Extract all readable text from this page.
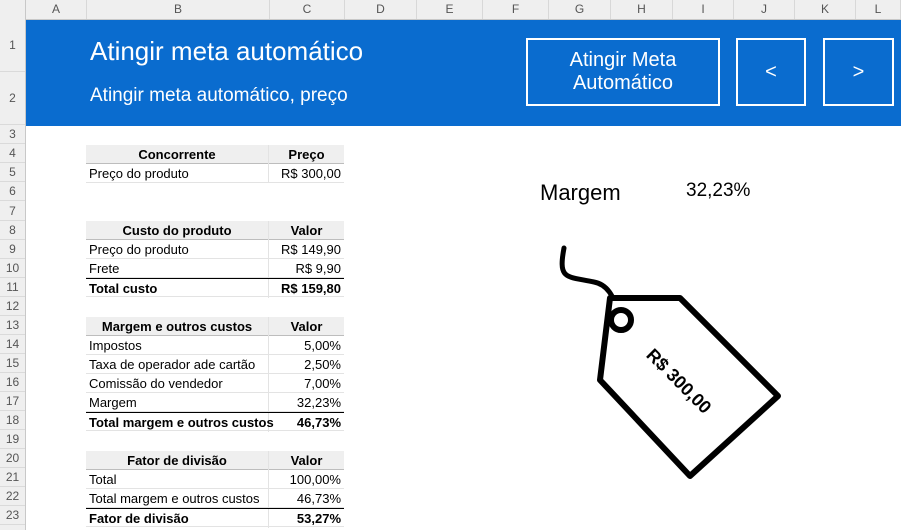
A	B	C	D	E	F	G	H	I	J	K	L
1
2
3
4
5
6
7
8
9
10
11
12
13
14
15
16
17
18
19
20
21
22
23
Atingir meta automático
Atingir meta automático, preço
Atingir Meta Automático
<	>
Concorrente	Preço
Preço do produto	R$ 300,00
Custo do produto	Valor
Preço do produto	R$ 149,90
Frete	R$ 9,90
Total custo	R$ 159,80
Margem e outros custos	Valor
Impostos	5,00%
Taxa de operador ade cartão	2,50%
Comissão do vendedor	7,00%
Margem	32,23%
Total margem e outros custos	46,73%
Fator de divisão	Valor
Total	100,00%
Total margem e outros custos	46,73%
Fator de divisão	53,27%
Margem	32,23%
R$ 300,00
